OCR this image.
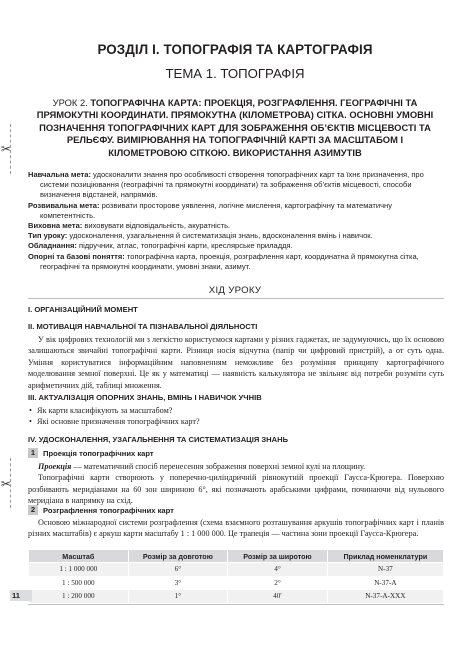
✂
✂
РОЗДІЛ I. ТОПОГРАФІЯ ТА КАРТОГРАФІЯ
ТЕМА 1. ТОПОГРАФІЯ
УРОК 2. ТОПОГРАФІЧНА КАРТА: ПРОЕКЦІЯ, РОЗГРАФЛЕННЯ. ГЕОГРАФІЧНІ ТА ПРЯМОКУТНІ КООРДИНАТИ. ПРЯМОКУТНА (КІЛОМЕТРОВА) СІТКА. ОСНОВНІ УМОВНІ ПОЗНАЧЕННЯ ТОПОГРАФІЧНИХ КАРТ ДЛЯ ЗОБРАЖЕННЯ ОБ’ЄКТІВ МІСЦЕВОСТІ ТА РЕЛЬЄФУ. ВИМІРЮВАННЯ НА ТОПОГРАФІЧНІЙ КАРТІ ЗА МАСШТАБОМ І КІЛОМЕТРОВОЮ СІТКОЮ. ВИКОРИСТАННЯ АЗИМУТІВ
Навчальна мета: удосконалити знання про особливості створення топографічних карт та їхнє призначення, про системи позиціювання (географічні та прямокутні координати) та зображення об’єктів місцевості, способи визначення відстаней, напрямків.
Розвивальна мета: розвивати просторове уявлення, логічне мислення, картографічну та математичну компетентність.
Виховна мета: виховувати відповідальність, акуратність.
Тип уроку: удосконалення, узагальнення й систематизація знань, вдосконалення вмінь і навичок.
Обладнання: підручник, атлас, топографічні карти, креслярське приладдя.
Опорні та базові поняття: топографічна карта, проекція, розграфлення карт, координатна й прямокутна сітка, географічні та прямокутні координати, умовні знаки, азимут.
ХІД УРОКУ
I. ОРГАНІЗАЦІЙНИЙ МОМЕНТ
II. МОТИВАЦІЯ НАВЧАЛЬНОЇ ТА ПІЗНАВАЛЬНОЇ ДІЯЛЬНОСТІ

У вік цифрових технологій ми з легкістю користуємося картами у різних гаджетах, не задумуючись, що їх основою залишаються звичайні топографічні карти. Різниця носія відчутна (папір чи цифровий пристрій), а от суть одна. Уміння користуватися інформаційним наповненням неможливе без розуміння принципу картографічного моделювання земної поверхні. Це як у математиці — наявність калькулятора не звільняє від потреби розуміти суть арифметичних дій, таблиці множення.

III. АКТУАЛІЗАЦІЯ ОПОРНИХ ЗНАНЬ, ВМІНЬ І НАВИЧОК УЧНІВ
• Як карти класифікують за масштабом?
• Які основне призначення топографічних карт?
IV. УДОСКОНАЛЕННЯ, УЗАГАЛЬНЕННЯ ТА СИСТЕМАТИЗАЦІЯ ЗНАНЬ
1	Проекція топографічних карт

Проекція — математичний спосіб перенесення зображення поверхні земної кулі на площину.

Топографічні карти створюють у поперечно-циліндричній рівнокутній проекції Гаусса-Крюгера. Поверхню розбивають меридіанами на 60 зон шириною 6°, які позначають арабськими цифрами, починаючи від нульового меридіана в напрямку на схід.

2	Розграфлення топографічних карт

Основою міжнародної системи розграфлення (схема взаємного розташування аркушів топографічних карт і планів різних масштабів) є аркуш карти масштабу 1 : 1 000 000. Це трапеція — частина зони проекції Гаусса-Крюгера.

Масштаб	Розмір за довготою	Розмір за широтою	Приклад номенклатури
1 : 1 000 000	6°	4°	N-37
1 : 500 000	3°	2°	N-37-А
1 : 200 000	1°	40′	N-37-А-XXX
11
